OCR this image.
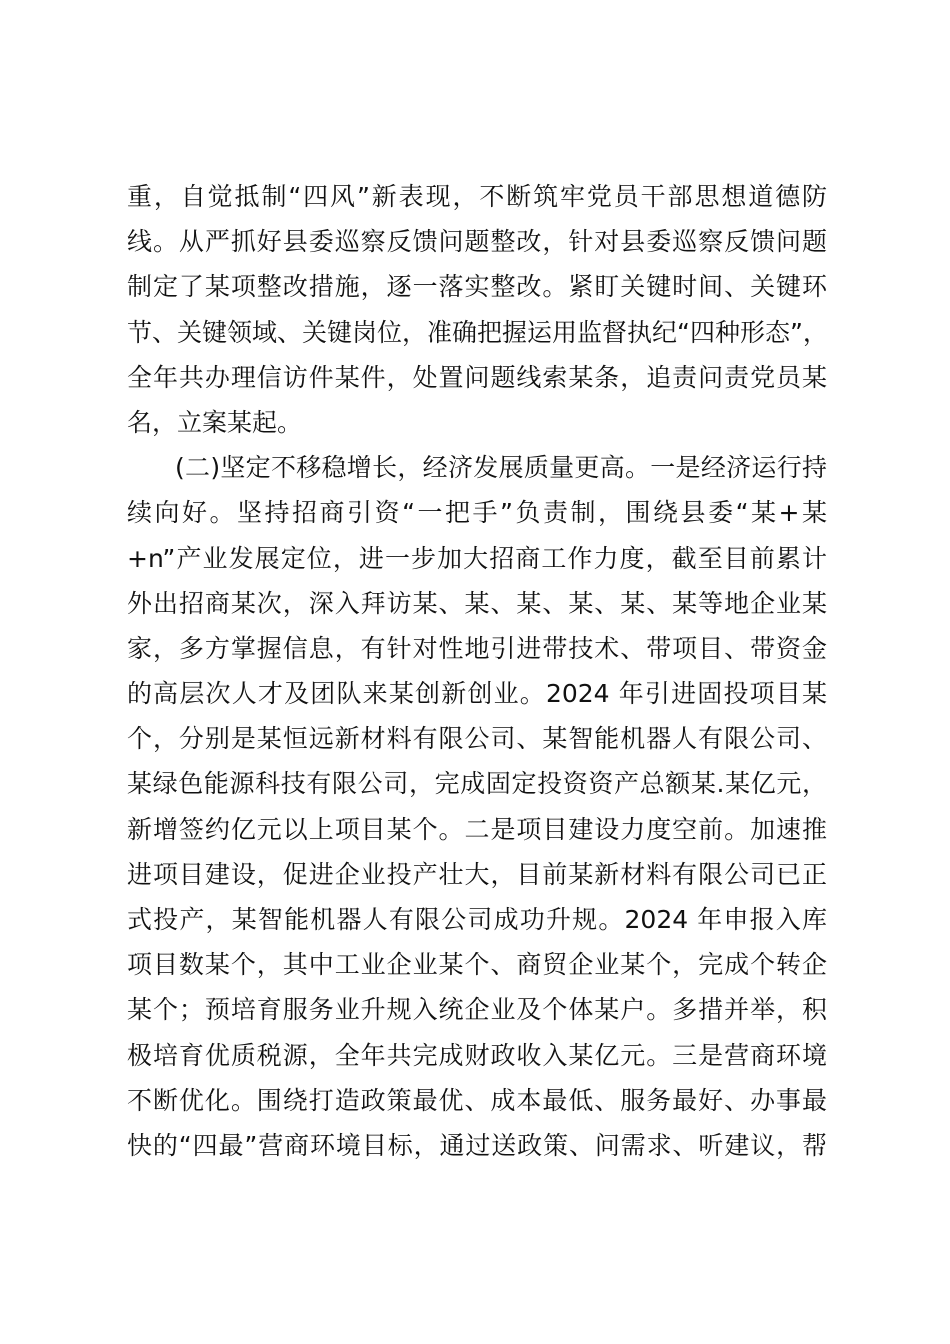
重，自觉抵制“四风”新表现，不断筑牢党员干部思想道德防
线。从严抓好县委巡察反馈问题整改，针对县委巡察反馈问题
制定了某项整改措施，逐一落实整改。紧盯关键时间、关键环
节、关键领域、关键岗位，准确把握运用监督执纪“四种形态”，
全年共办理信访件某件，处置问题线索某条，追责问责党员某
名，立案某起。
(二)坚定不移稳增长，经济发展质量更高。一是经济运行持
续向好。坚持招商引资“一把手”负责制，围绕县委“某+某
+n”产业发展定位，进一步加大招商工作力度，截至目前累计
外出招商某次，深入拜访某、某、某、某、某、某等地企业某
家，多方掌握信息，有针对性地引进带技术、带项目、带资金
的高层次人才及团队来某创新创业。2024 年引进固投项目某
个，分别是某恒远新材料有限公司、某智能机器人有限公司、
某绿色能源科技有限公司，完成固定投资资产总额某.某亿元，
新增签约亿元以上项目某个。二是项目建设力度空前。加速推
进项目建设，促进企业投产壮大，目前某新材料有限公司已正
式投产，某智能机器人有限公司成功升规。2024 年申报入库
项目数某个，其中工业企业某个、商贸企业某个，完成个转企
某个；预培育服务业升规入统企业及个体某户。多措并举，积
极培育优质税源，全年共完成财政收入某亿元。三是营商环境
不断优化。围绕打造政策最优、成本最低、服务最好、办事最
快的“四最”营商环境目标，通过送政策、问需求、听建议，帮
